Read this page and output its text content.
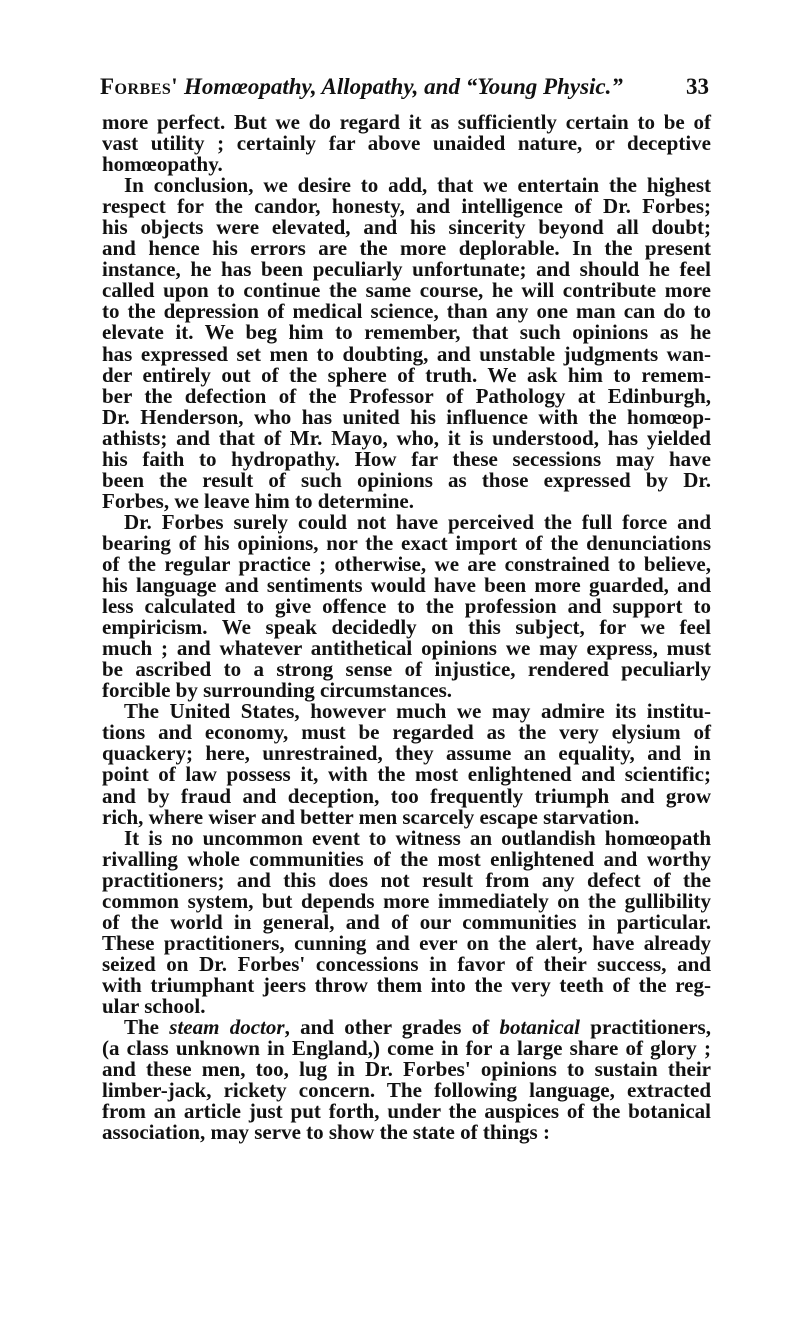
Forbes' Homœopathy, Allopathy, and “Young Physic.”	33
more perfect. But we do regard it as sufficiently certain to be of
vast utility ; certainly far above unaided nature, or deceptive
homœopathy.
In conclusion, we desire to add, that we entertain the highest
respect for the candor, honesty, and intelligence of Dr. Forbes;
his objects were elevated, and his sincerity beyond all doubt;
and hence his errors are the more deplorable. In the present
instance, he has been peculiarly unfortunate; and should he feel
called upon to continue the same course, he will contribute more
to the depression of medical science, than any one man can do to
elevate it. We beg him to remember, that such opinions as he
has expressed set men to doubting, and unstable judgments wan-
der entirely out of the sphere of truth. We ask him to remem-
ber the defection of the Professor of Pathology at Edinburgh,
Dr. Henderson, who has united his influence with the homœop-
athists; and that of Mr. Mayo, who, it is understood, has yielded
his faith to hydropathy. How far these secessions may have
been the result of such opinions as those expressed by Dr.
Forbes, we leave him to determine.
Dr. Forbes surely could not have perceived the full force and
bearing of his opinions, nor the exact import of the denunciations
of the regular practice ; otherwise, we are constrained to believe,
his language and sentiments would have been more guarded, and
less calculated to give offence to the profession and support to
empiricism. We speak decidedly on this subject, for we feel
much ; and whatever antithetical opinions we may express, must
be ascribed to a strong sense of injustice, rendered peculiarly
forcible by surrounding circumstances.
The United States, however much we may admire its institu-
tions and economy, must be regarded as the very elysium of
quackery; here, unrestrained, they assume an equality, and in
point of law possess it, with the most enlightened and scientific;
and by fraud and deception, too frequently triumph and grow
rich, where wiser and better men scarcely escape starvation.
It is no uncommon event to witness an outlandish homœopath
rivalling whole communities of the most enlightened and worthy
practitioners; and this does not result from any defect of the
common system, but depends more immediately on the gullibility
of the world in general, and of our communities in particular.
These practitioners, cunning and ever on the alert, have already
seized on Dr. Forbes' concessions in favor of their success, and
with triumphant jeers throw them into the very teeth of the reg-
ular school.
The steam doctor, and other grades of botanical practitioners,
(a class unknown in England,) come in for a large share of glory ;
and these men, too, lug in Dr. Forbes' opinions to sustain their
limber-jack, rickety concern. The following language, extracted
from an article just put forth, under the auspices of the botanical
association, may serve to show the state of things :
